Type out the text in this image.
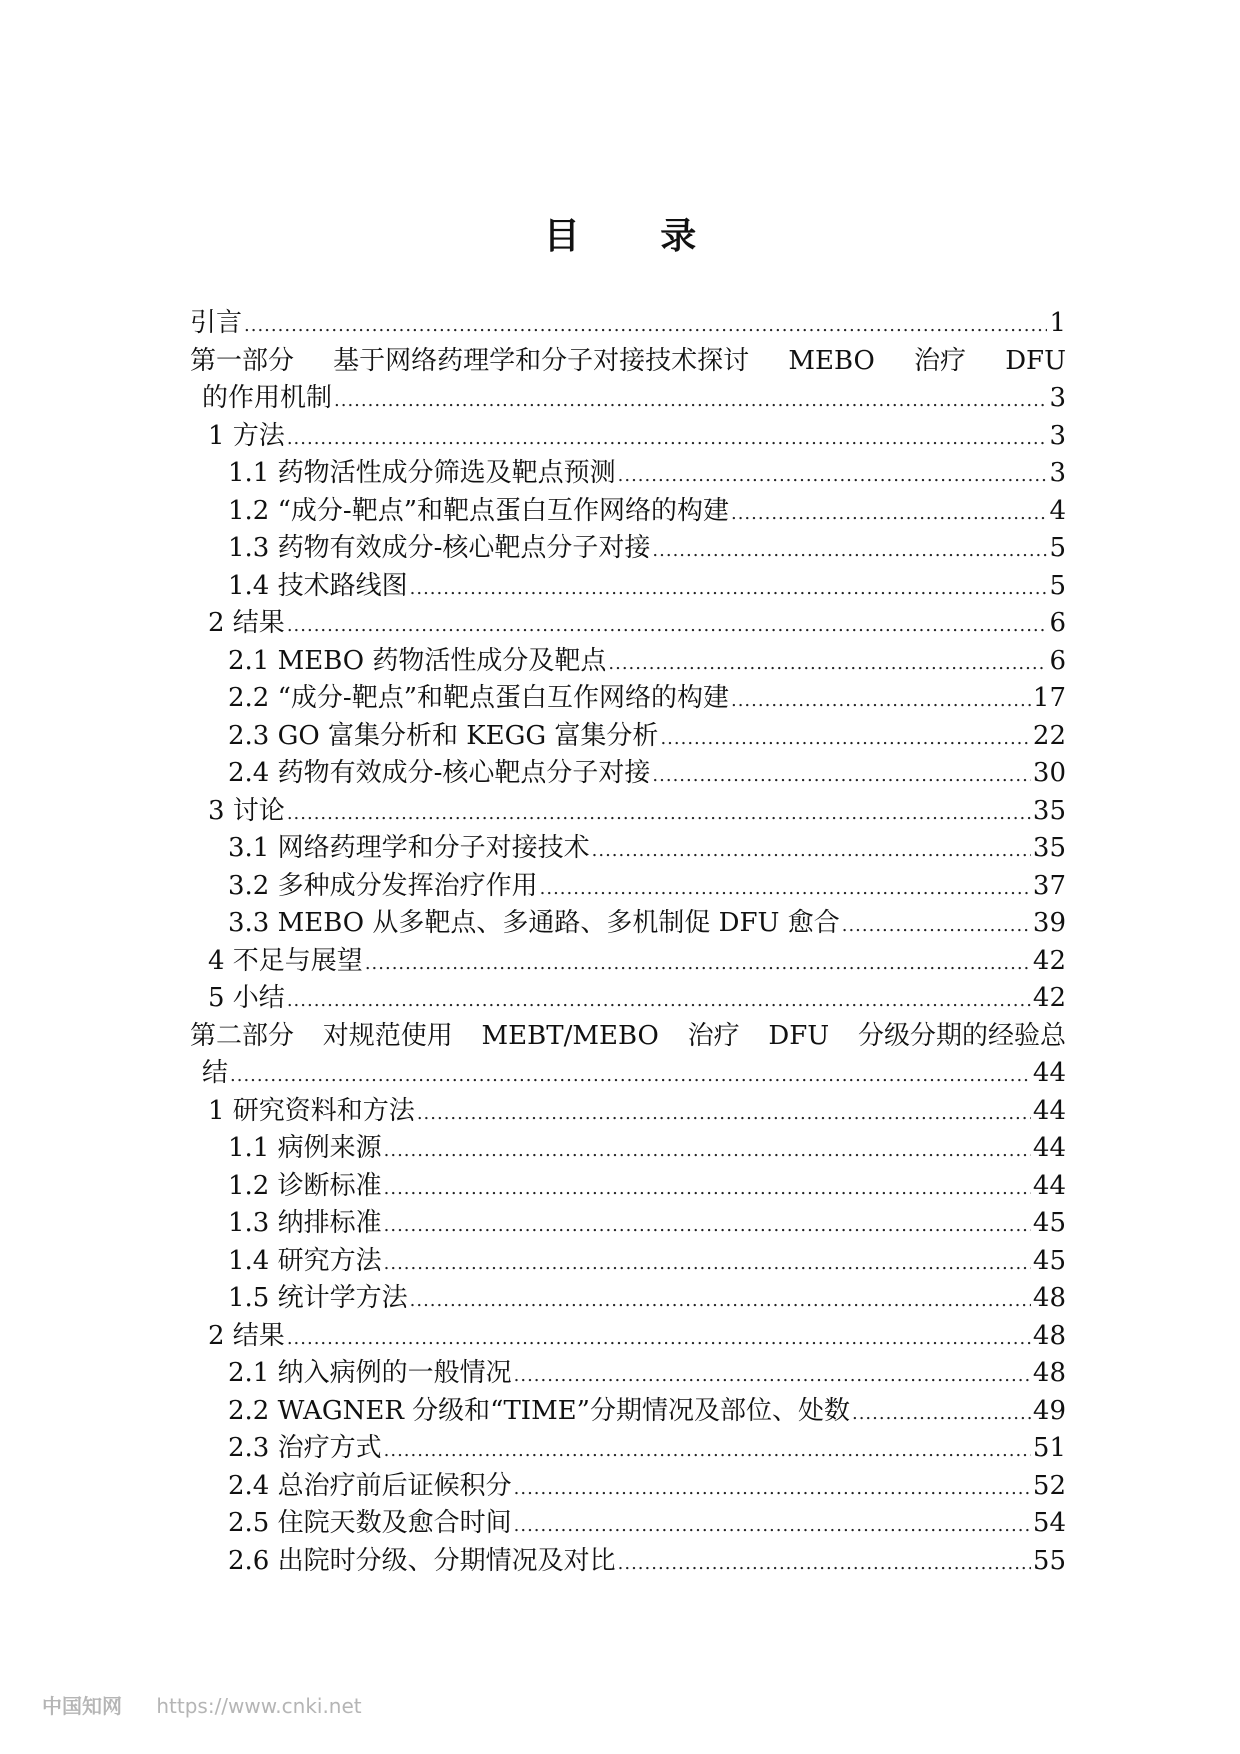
目 录
引言 .....	1
第一部分 基于网络药理学和分子对接技术探讨 MEBO 治疗 DFU
的作用机制 .....	3
1 方法 .....	3
1.1 药物活性成分筛选及靶点预测 .....	3
1.2 “成分-靶点”和靶点蛋白互作网络的构建 .....	4
1.3 药物有效成分-核心靶点分子对接 .....	5
1.4 技术路线图 .....	5
2 结果 .....	6
2.1 MEBO 药物活性成分及靶点 .....	6
2.2 “成分-靶点”和靶点蛋白互作网络的构建 .....	17
2.3 GO 富集分析和 KEGG 富集分析 .....	22
2.4 药物有效成分-核心靶点分子对接 .....	30
3 讨论 .....	35
3.1 网络药理学和分子对接技术 .....	35
3.2 多种成分发挥治疗作用 .....	37
3.3 MEBO 从多靶点、多通路、多机制促 DFU 愈合 .....	39
4 不足与展望 .....	42
5 小结 .....	42
第二部分 对规范使用 MEBT/MEBO 治疗 DFU 分级分期的经验总
结 .....	44
1 研究资料和方法 .....	44
1.1 病例来源 .....	44
1.2 诊断标准 .....	44
1.3 纳排标准 .....	45
1.4 研究方法 .....	45
1.5 统计学方法 .....	48
2 结果 .....	48
2.1 纳入病例的一般情况 .....	48
2.2 WAGNER 分级和“TIME”分期情况及部位、处数 .....	49
2.3 治疗方式 .....	51
2.4 总治疗前后证候积分 .....	52
2.5 住院天数及愈合时间 .....	54
2.6 出院时分级、分期情况及对比 .....	55
中国知网 https://www.cnki.net
